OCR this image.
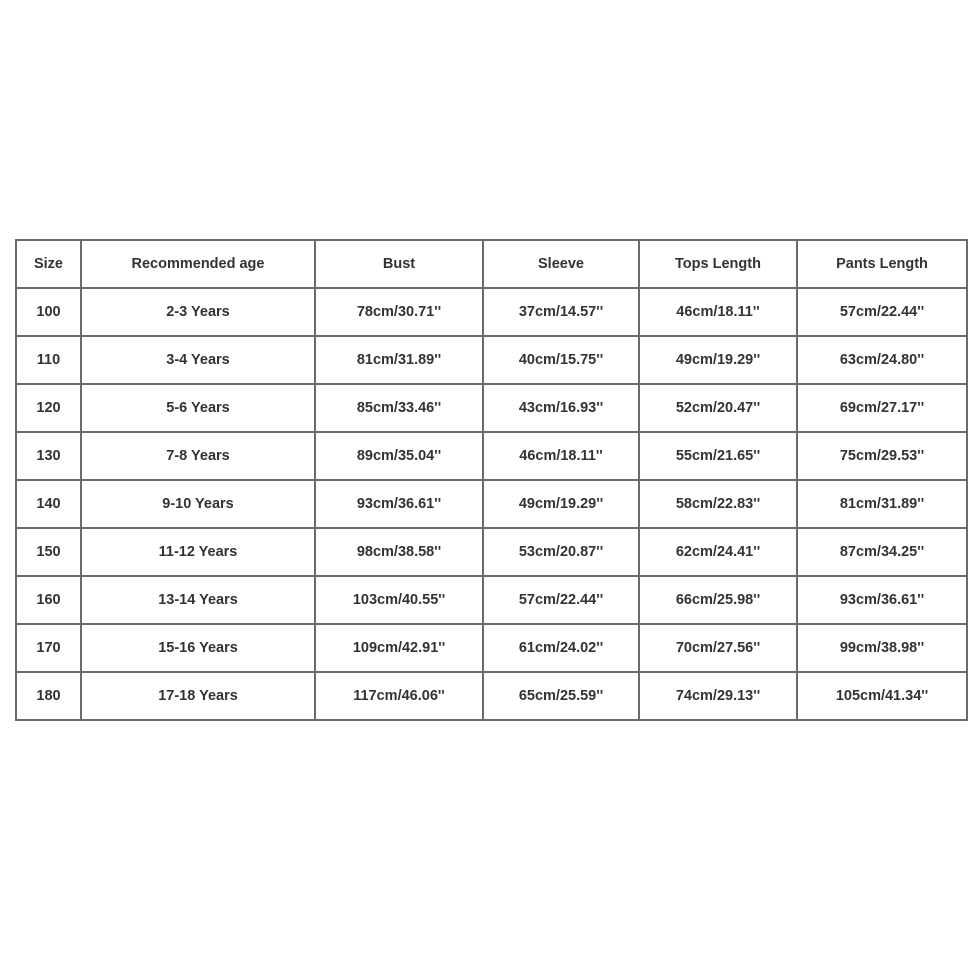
Size	Recommended age	Bust	Sleeve	Tops Length	Pants Length
100	2-3 Years	78cm/30.71''	37cm/14.57''	46cm/18.11''	57cm/22.44''
110	3-4 Years	81cm/31.89''	40cm/15.75''	49cm/19.29''	63cm/24.80''
120	5-6 Years	85cm/33.46''	43cm/16.93''	52cm/20.47''	69cm/27.17''
130	7-8 Years	89cm/35.04''	46cm/18.11''	55cm/21.65''	75cm/29.53''
140	9-10 Years	93cm/36.61''	49cm/19.29''	58cm/22.83''	81cm/31.89''
150	11-12 Years	98cm/38.58''	53cm/20.87''	62cm/24.41''	87cm/34.25''
160	13-14 Years	103cm/40.55''	57cm/22.44''	66cm/25.98''	93cm/36.61''
170	15-16 Years	109cm/42.91''	61cm/24.02''	70cm/27.56''	99cm/38.98''
180	17-18 Years	117cm/46.06''	65cm/25.59''	74cm/29.13''	105cm/41.34''
